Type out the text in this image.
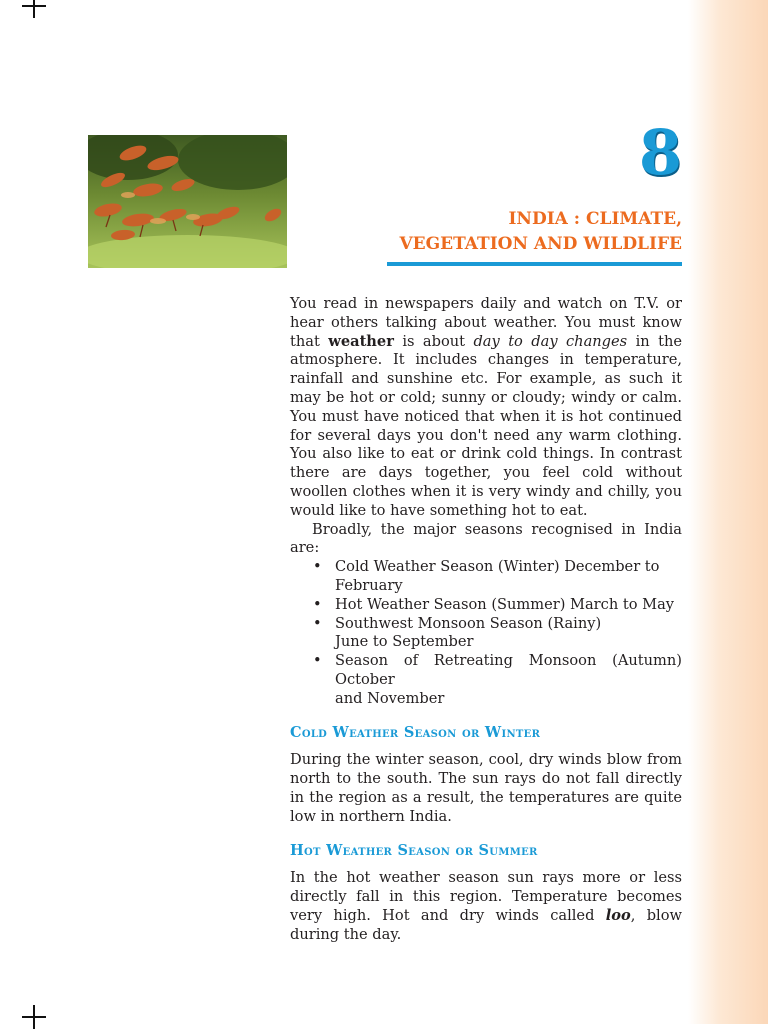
8
INDIA : CLIMATE,
VEGETATION AND WILDLIFE

You read in newspapers daily and watch on T.V. or hear others talking about weather. You must know that weather is about day to day changes in the atmosphere. It includes changes in temperature, rainfall and sunshine etc. For example, as such it may be hot or cold; sunny or cloudy; windy or calm. You must have noticed that when it is hot continued for several days you don't need any warm clothing. You also like to eat or drink cold things. In contrast there are days together, you feel cold without woollen clothes when it is very windy and chilly, you would like to have something hot to eat.

Broadly, the major seasons recognised in India are:

• Cold Weather Season (Winter) December to
February
• Hot Weather Season (Summer) March to May
• Southwest Monsoon Season (Rainy)
June to September
• Season of Retreating Monsoon (Autumn) October
and November
Cold Weather Season or Winter

During the winter season, cool, dry winds blow from north to the south. The sun rays do not fall directly in the region as a result, the temperatures are quite low in northern India.

Hot Weather Season or Summer

In the hot weather season sun rays more or less directly fall in this region. Temperature becomes very high. Hot and dry winds called loo, blow during the day.
